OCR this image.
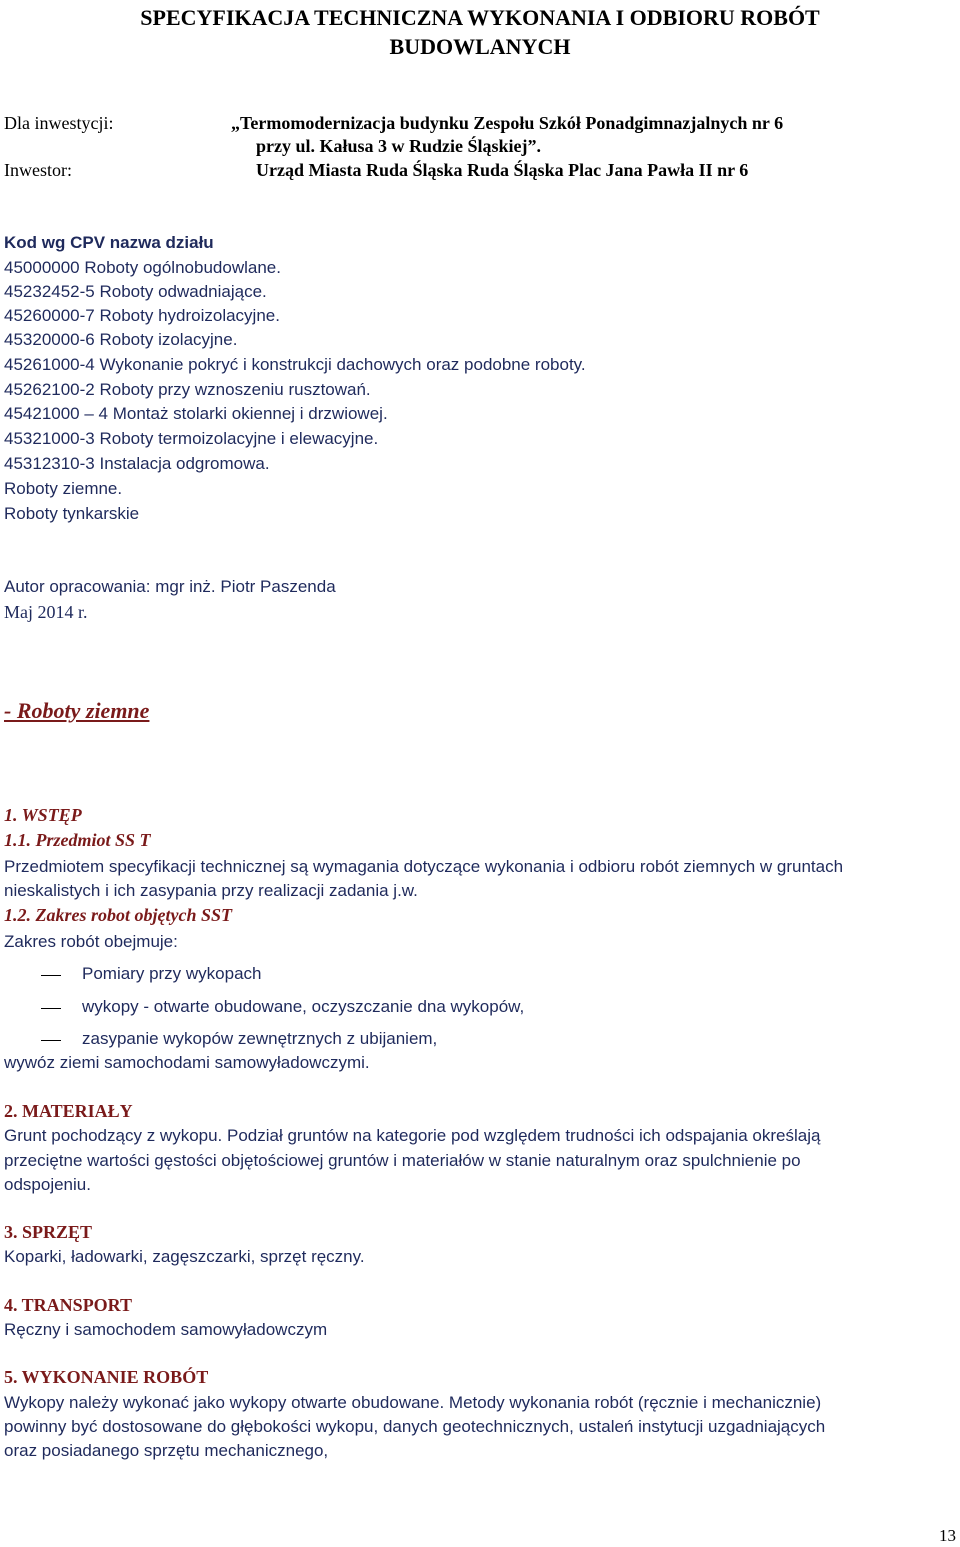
SPECYFIKACJA TECHNICZNA WYKONANIA I ODBIORU ROBÓT
BUDOWLANYCH
Dla inwestycji:	„Termomodernizacja budynku Zespołu Szkół Ponadgimnazjalnych nr 6
przy ul. Kałusa 3 w Rudzie Śląskiej”.
Inwestor:	Urząd Miasta Ruda Śląska Ruda Śląska Plac Jana Pawła II nr 6
Kod wg CPV nazwa działu
45000000 Roboty ogólnobudowlane.
45232452-5 Roboty odwadniające.
45260000-7 Roboty hydroizolacyjne.
45320000-6 Roboty izolacyjne.
45261000-4 Wykonanie pokryć i konstrukcji dachowych oraz podobne roboty.
45262100-2 Roboty przy wznoszeniu rusztowań.
45421000 – 4 Montaż stolarki okiennej i drzwiowej.
45321000-3 Roboty termoizolacyjne i elewacyjne.
45312310-3 Instalacja odgromowa.
Roboty ziemne.
Roboty tynkarskie
Autor opracowania: mgr inż. Piotr Paszenda
Maj 2014 r.
- Roboty ziemne
1. WSTĘP
1.1. Przedmiot SS T
Przedmiotem specyfikacji technicznej są wymagania dotyczące wykonania i odbioru robót ziemnych w gruntach
nieskalistych i ich zasypania przy realizacji zadania j.w.
1.2. Zakres robot objętych SST
Zakres robót obejmuje:
Pomiary przy wykopach
wykopy - otwarte obudowane, oczyszczanie dna wykopów,
zasypanie wykopów zewnętrznych z ubijaniem,
wywóz ziemi samochodami samowyładowczymi.
2. MATERIAŁY
Grunt pochodzący z wykopu. Podział gruntów na kategorie pod względem trudności ich odspajania określają
przeciętne wartości gęstości objętościowej gruntów i materiałów w stanie naturalnym oraz spulchnienie po
odspojeniu.
3. SPRZĘT
Koparki, ładowarki, zagęszczarki, sprzęt ręczny.
4. TRANSPORT
Ręczny i samochodem samowyładowczym
5. WYKONANIE ROBÓT
Wykopy należy wykonać jako wykopy otwarte obudowane. Metody wykonania robót (ręcznie i mechanicznie)
powinny być dostosowane do głębokości wykopu, danych geotechnicznych, ustaleń instytucji uzgadniających
oraz posiadanego sprzętu mechanicznego,
13
